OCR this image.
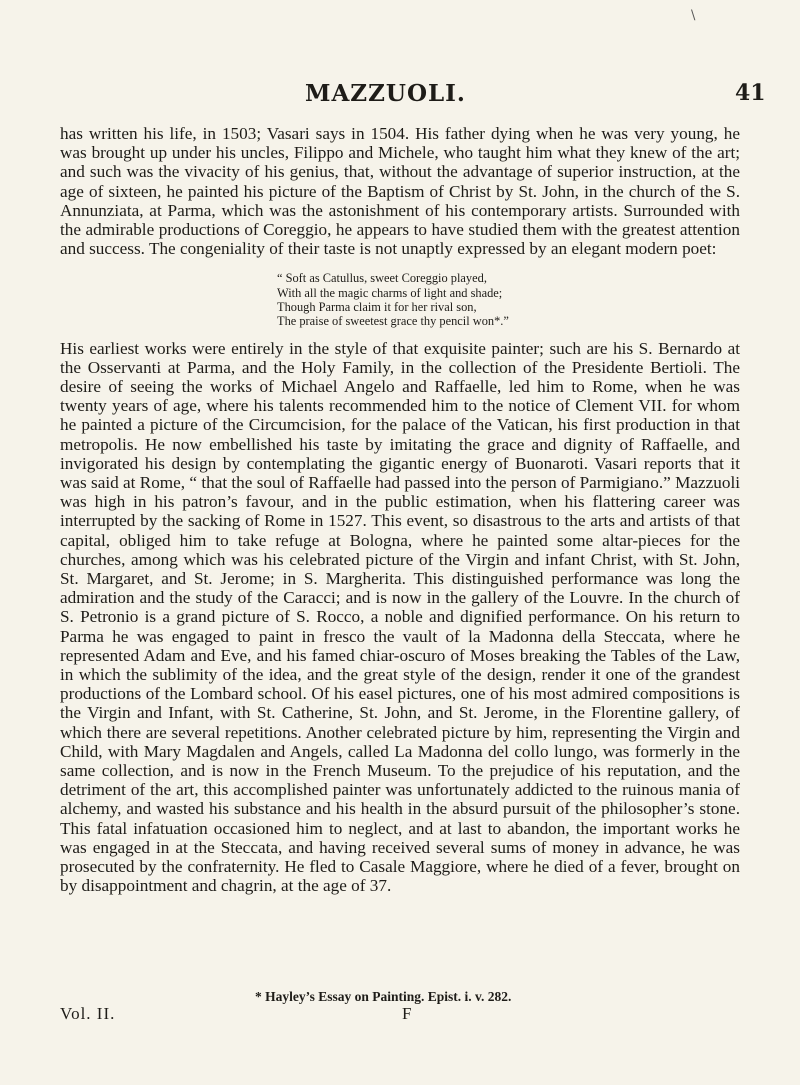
\
MAZZUOLI.	41

has written his life, in 1503; Vasari says in 1504. His father dying when he was very young, he was brought up under his uncles, Filippo and Michele, who taught him what they knew of the art; and such was the vivacity of his genius, that, without the advantage of superior instruction, at the age of sixteen, he painted his picture of the Baptism of Christ by St. John, in the church of the S. Annunziata, at Parma, which was the astonishment of his contemporary artists. Surrounded with the admirable productions of Coreggio, he appears to have studied them with the greatest attention and success. The congeniality of their taste is not unaptly expressed by an elegant modern poet:

“ Soft as Catullus, sweet Coreggio played,
With all the magic charms of light and shade;
Though Parma claim it for her rival son,
The praise of sweetest grace thy pencil won*.”

His earliest works were entirely in the style of that exquisite painter; such are his S. Bernardo at the Osservanti at Parma, and the Holy Family, in the collection of the Presidente Bertioli. The desire of seeing the works of Michael Angelo and Raffaelle, led him to Rome, when he was twenty years of age, where his talents recommended him to the notice of Clement VII. for whom he painted a picture of the Circumcision, for the palace of the Vatican, his first production in that metropolis. He now embellished his taste by imitating the grace and dignity of Raffaelle, and invigorated his design by contemplating the gigantic energy of Buonaroti. Vasari reports that it was said at Rome, “ that the soul of Raffaelle had passed into the person of Parmigiano.” Mazzuoli was high in his patron’s favour, and in the public estimation, when his flattering career was interrupted by the sacking of Rome in 1527. This event, so disastrous to the arts and artists of that capital, obliged him to take refuge at Bologna, where he painted some altar-pieces for the churches, among which was his celebrated picture of the Virgin and infant Christ, with St. John, St. Margaret, and St. Jerome; in S. Margherita. This distinguished performance was long the admiration and the study of the Caracci; and is now in the gallery of the Louvre. In the church of S. Petronio is a grand picture of S. Rocco, a noble and dignified performance. On his return to Parma he was engaged to paint in fresco the vault of la Madonna della Steccata, where he represented Adam and Eve, and his famed chiar-oscuro of Moses breaking the Tables of the Law, in which the sublimity of the idea, and the great style of the design, render it one of the grandest productions of the Lombard school. Of his easel pictures, one of his most admired compositions is the Virgin and Infant, with St. Catherine, St. John, and St. Jerome, in the Florentine gallery, of which there are several repetitions. Another celebrated picture by him, representing the Virgin and Child, with Mary Magdalen and Angels, called La Madonna del collo lungo, was formerly in the same collection, and is now in the French Museum. To the prejudice of his reputation, and the detriment of the art, this accomplished painter was unfortunately addicted to the ruinous mania of alchemy, and wasted his substance and his health in the absurd pursuit of the philosopher’s stone. This fatal infatuation occasioned him to neglect, and at last to abandon, the important works he was engaged in at the Steccata, and having received several sums of money in advance, he was prosecuted by the confraternity. He fled to Casale Maggiore, where he died of a fever, brought on by disappointment and chagrin, at the age of 37.

* Hayley’s Essay on Painting. Epist. i. v. 282.
Vol. II.	F
